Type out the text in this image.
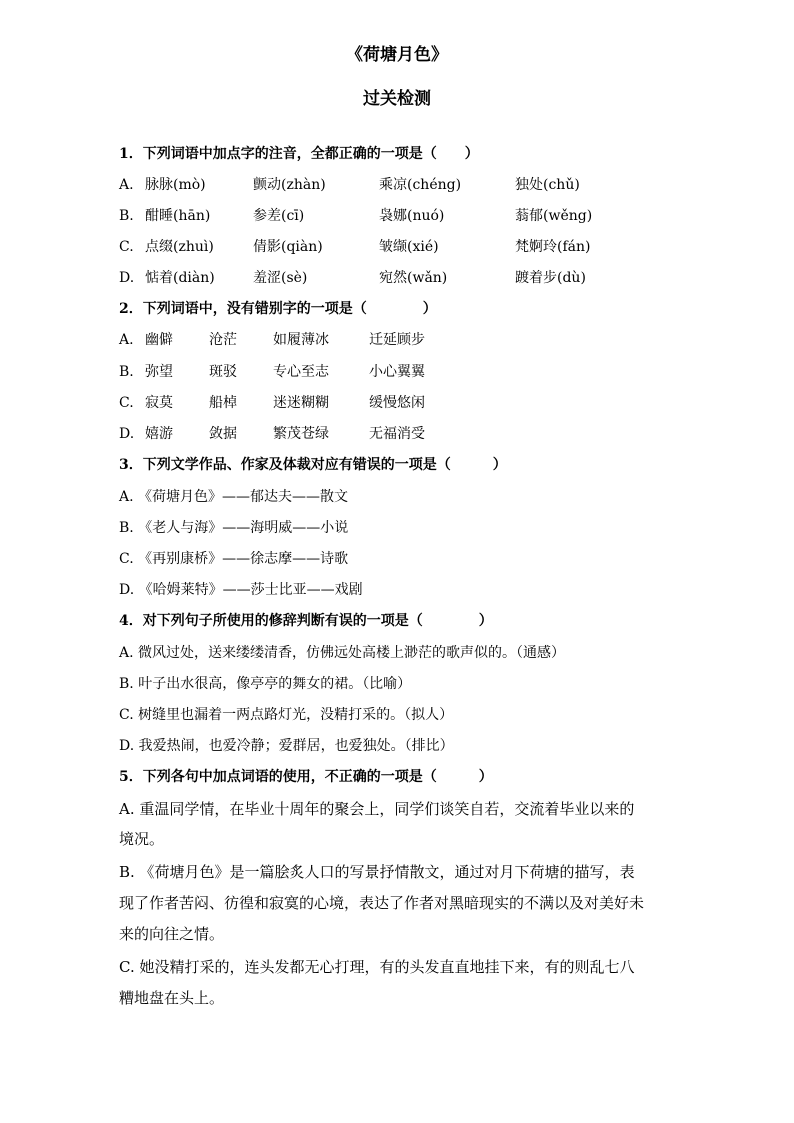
《荷塘月色》
过关检测
1．下列词语中加点字的注音，全都正确的一项是（　　）
A. 脉脉(mò)	颤动(zhàn)	乘凉(chéng)	独处(chǔ)
B. 酣睡(hān)	参差(cī)	袅娜(nuó)	蓊郁(wěng)
C. 点缀(zhuì)	倩影(qiàn)	皱缬(xié)	梵婀玲(fán)
D. 惦着(diàn)	羞涩(sè)	宛然(wǎn)	踱着步(dù)
2．下列词语中，没有错别字的一项是（　　　　）
A. 幽僻	沧茫	如履薄冰	迁延顾步
B. 弥望	斑驳	专心至志	小心翼翼
C. 寂莫	船棹	迷迷糊糊	缓慢悠闲
D. 嬉游	敛据	繁茂苍绿	无福消受
3．下列文学作品、作家及体裁对应有错误的一项是（　　　）
A. 《荷塘月色》——郁达夫——散文
B. 《老人与海》——海明威——小说
C. 《再别康桥》——徐志摩——诗歌
D. 《哈姆莱特》——莎士比亚——戏剧
4．对下列句子所使用的修辞判断有误的一项是（　　　　）
A. 微风过处，送来缕缕清香，仿佛远处高楼上渺茫的歌声似的。（通感）
B. 叶子出水很高，像亭亭的舞女的裙。（比喻）
C. 树缝里也漏着一两点路灯光，没精打采的。（拟人）
D. 我爱热闹，也爱冷静；爱群居，也爱独处。（排比）
5．下列各句中加点词语的使用，不正确的一项是（　　　）
A. 重温同学情，在毕业十周年的聚会上，同学们谈笑自若，交流着毕业以来的
境况。
B. 《荷塘月色》是一篇脍炙人口的写景抒情散文，通过对月下荷塘的描写，表
现了作者苦闷、彷徨和寂寞的心境，表达了作者对黑暗现实的不满以及对美好未
来的向往之情。
C. 她没精打采的，连头发都无心打理，有的头发直直地挂下来，有的则乱七八
糟地盘在头上。
